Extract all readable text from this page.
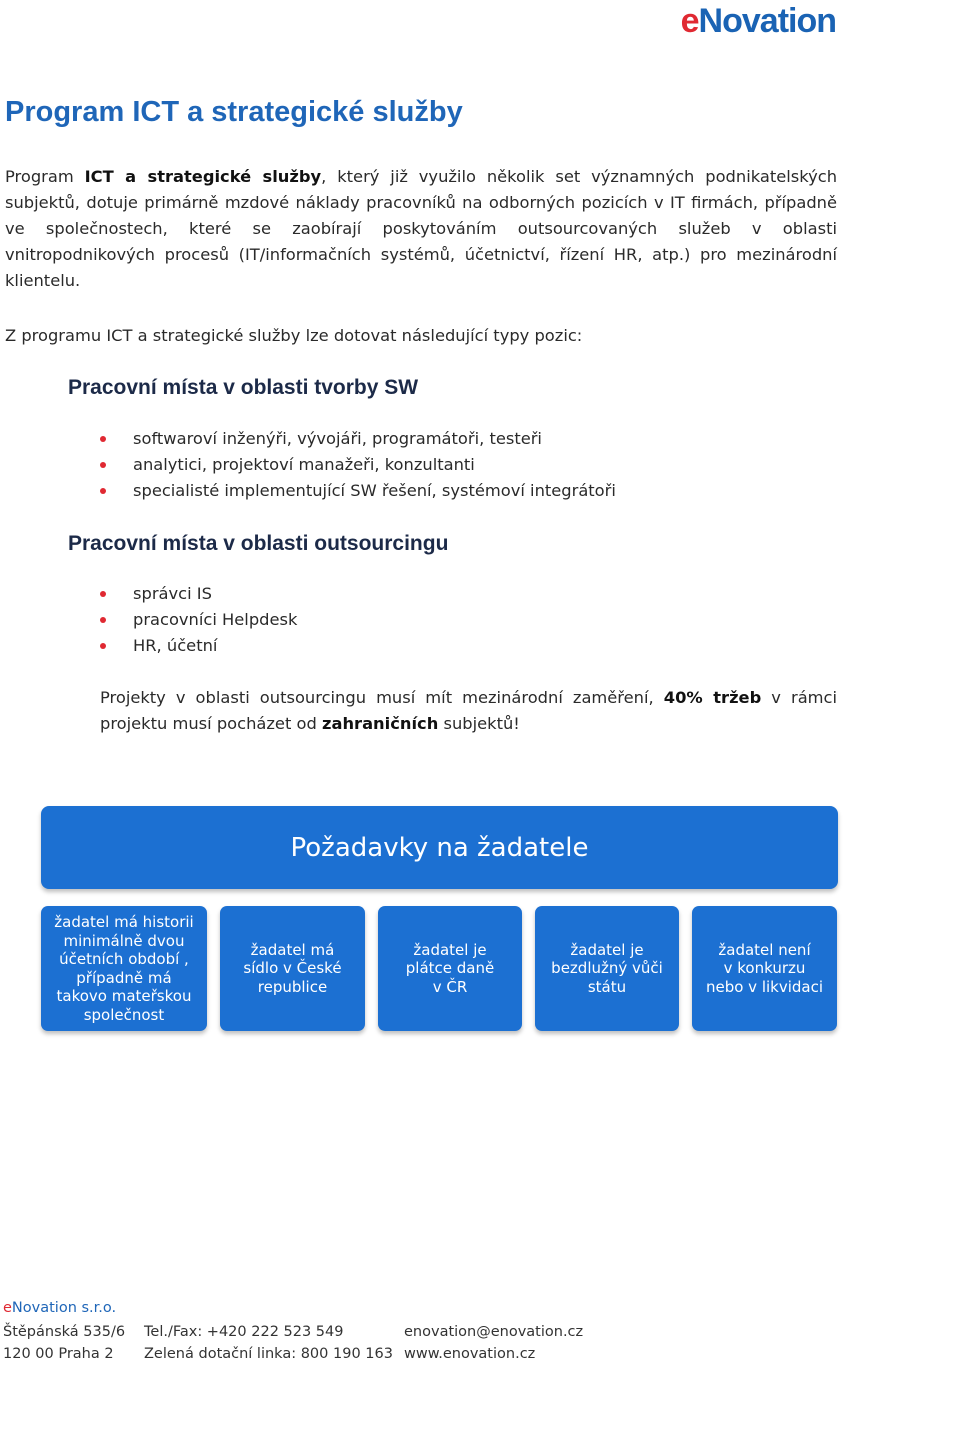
eNovation
Program ICT a strategické služby
Program ICT a strategické služby, který již využilo několik set významných podnikatelských subjektů, dotuje primárně mzdové náklady pracovníků na odborných pozicích v IT firmách, případně ve společnostech, které se zaobírají poskytováním outsourcovaných služeb v oblasti vnitropodnikových procesů (IT/informačních systémů, účetnictví, řízení HR, atp.) pro mezinárodní klientelu.
Z programu ICT a strategické služby lze dotovat následující typy pozic:
Pracovní místa v oblasti tvorby SW
softwaroví inženýři, vývojáři, programátoři, testeři
analytici, projektoví manažeři, konzultanti
specialisté implementující SW řešení, systémoví integrátoři
Pracovní místa v oblasti outsourcingu
správci IS
pracovníci Helpdesk
HR, účetní
Projekty v oblasti outsourcingu musí mít mezinárodní zaměření, 40% tržeb v rámci projektu musí pocházet od zahraničních subjektů!
Požadavky na žadatele
žadatel má historii
minimálně dvou
účetních období ,
případně má
takovo mateřskou
společnost
žadatel má
sídlo v České
republice
žadatel je
plátce daně
v ČR
žadatel je
bezdlužný vůči
státu
žadatel není
v konkurzu
nebo v likvidaci
eNovation s.r.o.
Štěpánská 535/6
120 00 Praha 2
Tel./Fax: +420 222 523 549
Zelená dotační linka: 800 190 163
enovation@enovation.cz
www.enovation.cz
